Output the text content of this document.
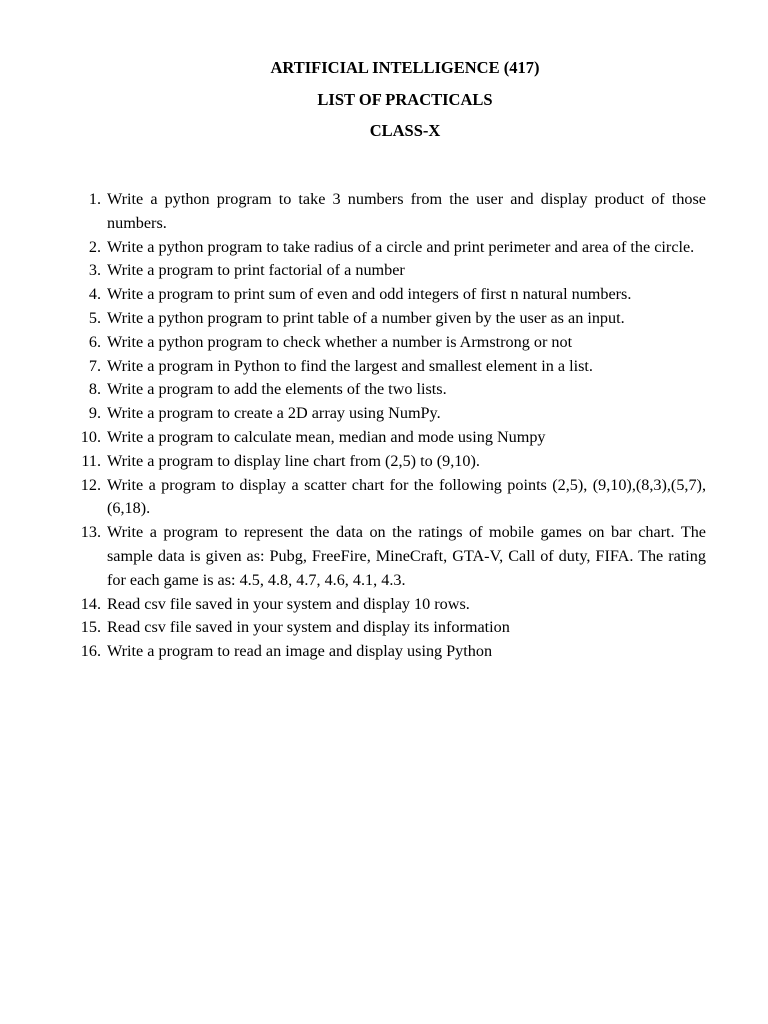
ARTIFICIAL INTELLIGENCE (417)
LIST OF PRACTICALS
CLASS-X
1 . Write a python program to take 3 numbers from the user and display product of those numbers.
2 . Write a python program to take radius of a circle and print perimeter and area of the circle.
3 . Write a program to print factorial of a number
4 . Write a program to print sum of even and odd integers of first n natural numbers.
5 . Write a python program to print table of a number given by the user as an input.
6 . Write a python program to check whether a number is Armstrong or not
7 . Write a program in Python to find the largest and smallest element in a list.
8 . Write a program to add the elements of the two lists.
9 . Write a program to create a 2D array using NumPy.
10 . Write a program to calculate mean, median and mode using Numpy
11 . Write a program to display line chart from (2,5) to (9,10).
12 . Write a program to display a scatter chart for the following points (2,5), (9,10),(8,3),(5,7),(6,18).
13 . Write a program to represent the data on the ratings of mobile games on bar chart. The sample data is given as: Pubg, FreeFire, MineCraft, GTA-V, Call of duty, FIFA. The rating for each game is as: 4.5, 4.8, 4.7, 4.6, 4.1, 4.3.
14 . Read csv file saved in your system and display 10 rows.
15 . Read csv file saved in your system and display its information
16 . Write a program to read an image and display using Python
